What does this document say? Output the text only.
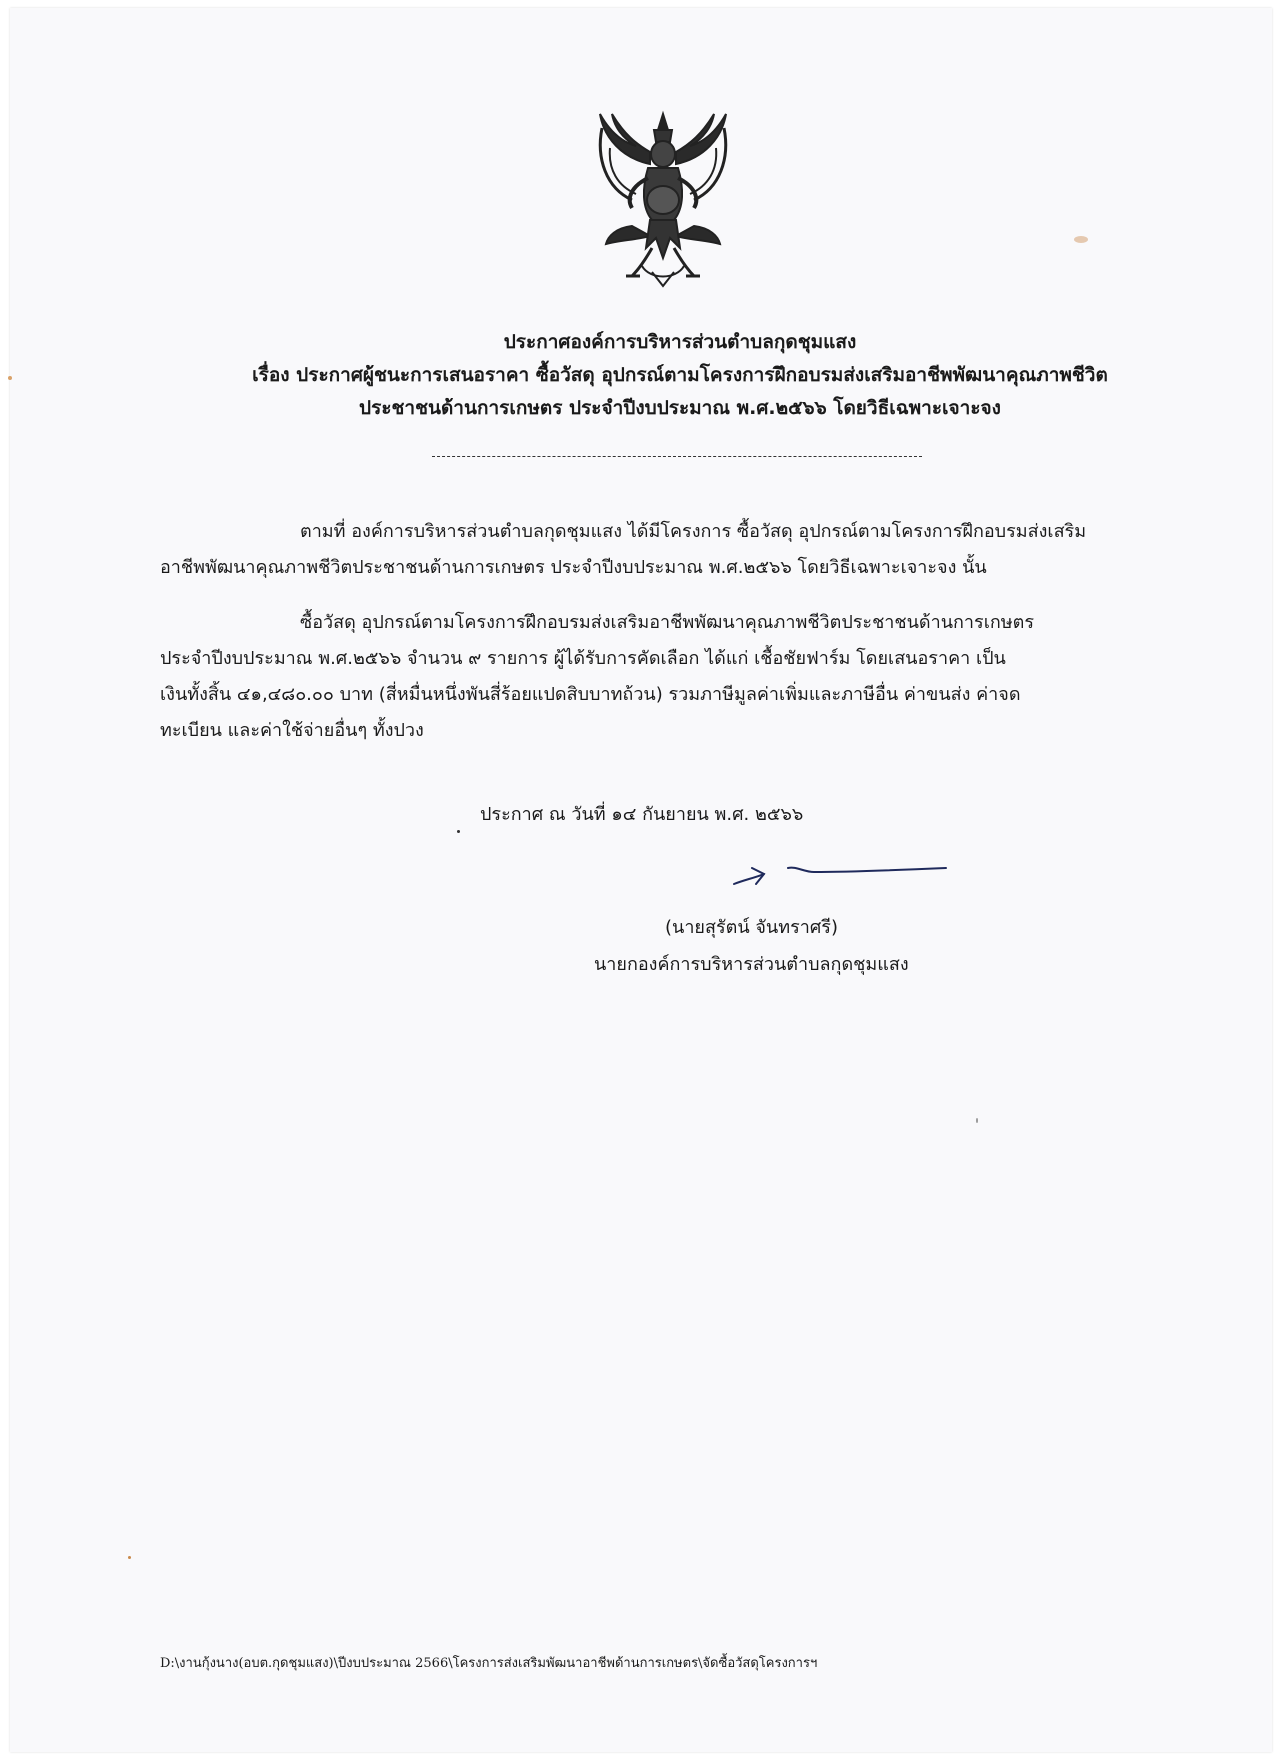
ประกาศองค์การบริหารส่วนตำบลกุดชุมแสง
เรื่อง ประกาศผู้ชนะการเสนอราคา ซื้อวัสดุ อุปกรณ์ตามโครงการฝึกอบรมส่งเสริมอาชีพพัฒนาคุณภาพชีวิต
ประชาชนด้านการเกษตร ประจำปีงบประมาณ พ.ศ.๒๕๖๖ โดยวิธีเฉพาะเจาะจง
ตามที่ องค์การบริหารส่วนตำบลกุดชุมแสง ได้มีโครงการ ซื้อวัสดุ อุปกรณ์ตามโครงการฝึกอบรมส่งเสริม
อาชีพพัฒนาคุณภาพชีวิตประชาชนด้านการเกษตร ประจำปีงบประมาณ พ.ศ.๒๕๖๖ โดยวิธีเฉพาะเจาะจง นั้น
ซื้อวัสดุ อุปกรณ์ตามโครงการฝึกอบรมส่งเสริมอาชีพพัฒนาคุณภาพชีวิตประชาชนด้านการเกษตร
ประจำปีงบประมาณ พ.ศ.๒๕๖๖ จำนวน ๙ รายการ ผู้ได้รับการคัดเลือก ได้แก่ เชื้อชัยฟาร์ม โดยเสนอราคา เป็น
เงินทั้งสิ้น ๔๑,๔๘๐.๐๐ บาท (สี่หมื่นหนึ่งพันสี่ร้อยแปดสิบบาทถ้วน) รวมภาษีมูลค่าเพิ่มและภาษีอื่น ค่าขนส่ง ค่าจด
ทะเบียน และค่าใช้จ่ายอื่นๆ ทั้งปวง
ประกาศ ณ วันที่ ๑๔ กันยายน พ.ศ. ๒๕๖๖
(นายสุรัตน์ จันทราศรี)
นายกองค์การบริหารส่วนตำบลกุดชุมแสง
D:\งานกุ้งนาง(อบต.กุดชุมแสง)\ปีงบประมาณ 2566\โครงการส่งเสริมพัฒนาอาชีพด้านการเกษตร\จัดซื้อวัสดุโครงการฯ
